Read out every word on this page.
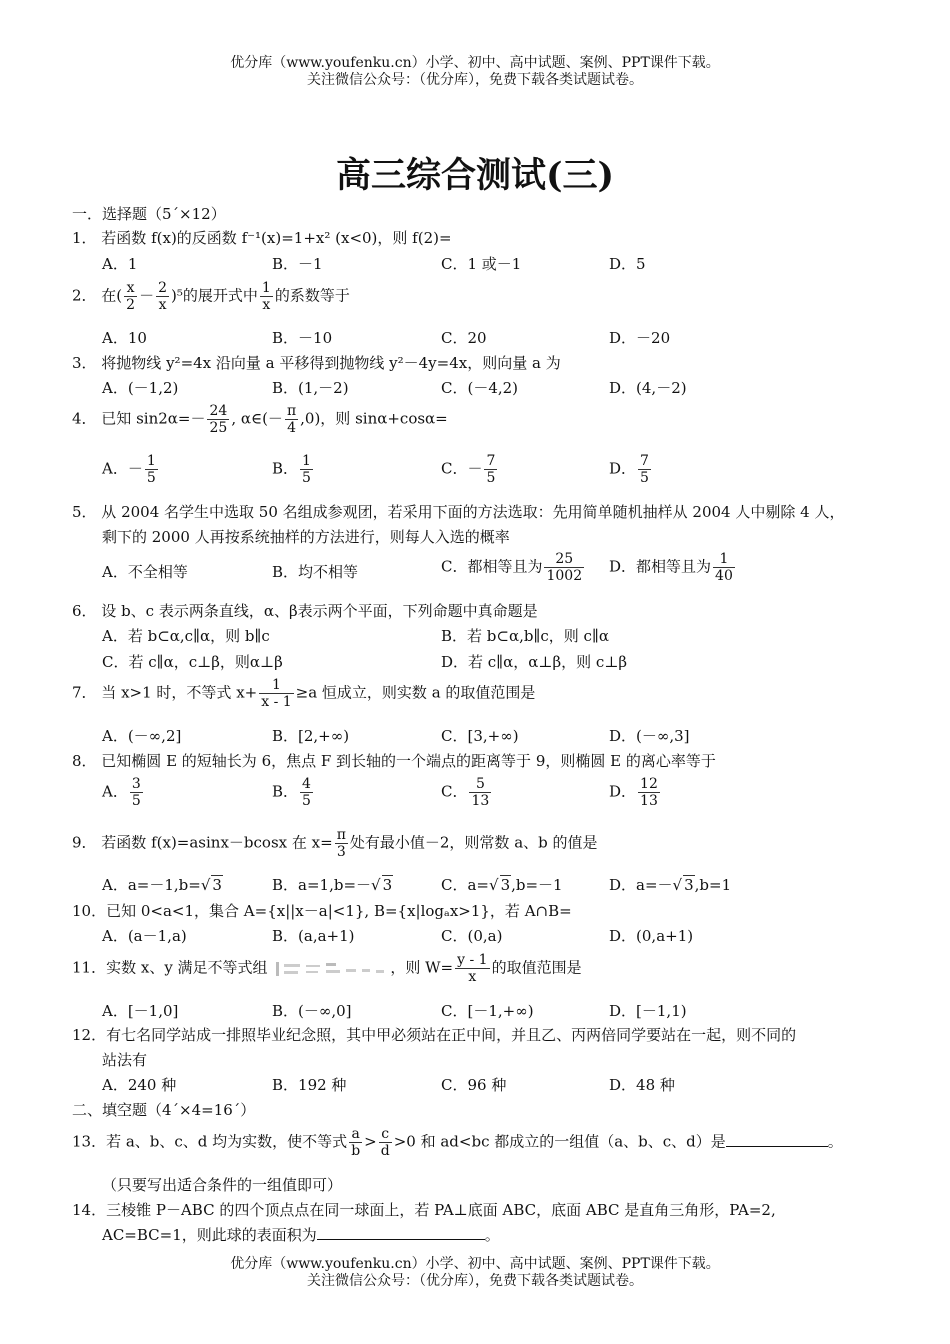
优分库（www.youfenku.cn）小学、初中、高中试题、案例、PPT课件下载。
关注微信公众号：（优分库），免费下载各类试题试卷。
高三综合测试(三)
一．选择题（5´×12）
1． 若函数 f(x)的反函数 f⁻¹(x)=1+x² (x<0)，则 f(2)=
A．1	B．－1	C．1 或－1	D．5
2． 在( $\frac{x}{2} - \frac{2}{x} )^5$的展开式中 $\frac{1}{x}$ 的系数等于
A．10	B．－10	C．20	D．－20
3． 将抛物线 y²=4x 沿向量 a 平移得到抛物线 y²－4y=4x，则向量 a 为
A．(－1,2)	B．(1,－2)	C．(－4,2)	D．(4,－2)
4． 已知 $\sin 2\alpha=- \frac{24}{25}$ , α∈(－ $\frac{\pi}{4} ,0$)，则 sinα+cosα=
A．－ $\frac{1}{5}$	B． $\frac{1}{5}$	C．－ $\frac{7}{5}$	D． $\frac{7}{5}$
5． 从 2004 名学生中选取 50 名组成参观团，若采用下面的方法选取：先用简单随机抽样从 2004 人中剔除 4 人，
剩下的 2000 人再按系统抽样的方法进行，则每人入选的概率
A．不全相等	B．均不相等	C．都相等且为 $\frac{25}{1002}$ D．都相等且为 $\frac{1}{40}$
6． 设 b、c 表示两条直线，α、β表示两个平面，下列命题中真命题是
A．若 b⊂α,c∥α，则 b∥c	B．若 b⊂α,b∥c，则 c∥α
C．若 c∥α，c⊥β，则α⊥β	D．若 c∥α，α⊥β，则 c⊥β
7． 当 x>1 时，不等式 $x+ \frac{1}{x - 1} \ge a$ 恒成立，则实数 a 的取值范围是
A．(－∞,2]	B．[2,+∞)	C．[3,+∞)	D．(－∞,3]
8． 已知椭圆 E 的短轴长为 6，焦点 F 到长轴的一个端点的距离等于 9，则椭圆 E 的离心率等于
A． $\frac{3}{5}$	B． $\frac{4}{5}$	C． $\frac{5}{13}$	D． $\frac{12}{13}$
9． 若函数 f(x)=asinx－bcosx 在 $x= \frac{\pi}{3}$ 处有最小值－2，则常数 a、b 的值是
A．a=－1,b=√ 3	B．a=1,b=－√ 3	C．a=√ 3,b=－1	D．a=－√ 3,b=1
10．已知 0<a<1，集合 A={x||x－a|<1}, B={x|logₐx>1}，若 A∩B=
A．(a－1,a)	B．(a,a+1)	C．(0,a)	D．(0,a+1)
11．实数 x、y 满足不等式组	，则 $W= \frac{y - 1}{x}$ 的取值范围是
A．[－1,0]	B．(－∞,0]	C．[－1,+∞)	D．[－1,1)
12．有七名同学站成一排照毕业纪念照，其中甲必须站在正中间，并且乙、丙两倍同学要站在一起，则不同的
站法有
A．240 种	B．192 种	C．96 种	D．48 种
二、填空题（4´×4=16´）
13．若 a、b、c、d 均为实数，使不等式 $\frac{a}{b} > \frac{c}{d} >0$ 和 ad<bc 都成立的一组值（a、b、c、d）是	。
（只要写出适合条件的一组值即可）
14．三棱锥 P－ABC 的四个顶点点在同一球面上，若 PA⊥底面 ABC，底面 ABC 是直角三角形，PA=2,
AC=BC=1，则此球的表面积为	。
优分库（www.youfenku.cn）小学、初中、高中试题、案例、PPT课件下载。
关注微信公众号：（优分库），免费下载各类试题试卷。
